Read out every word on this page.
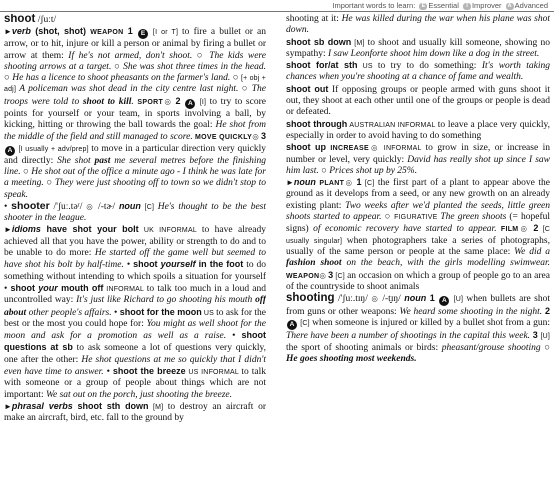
Important words to learn: E Essential I Improver A Advanced
shoot /ʃuːt/
►verb (shot, shot) WEAPON 1 E [I or T] to fire a bullet or an arrow, or to hit, injure or kill a person or animal by firing a bullet or arrow at them: If he's not armed, don't shoot. ○ The kids were shooting arrows at a target. ○ She was shot three times in the head. ○ He has a licence to shoot pheasants on the farmer's land. ○ [+ obj + adj] A policeman was shot dead in the city centre last night. ○ The troops were told to shoot to kill. SPORT◎ 2 A [I] to try to score points for yourself or your team, in sports involving a ball, by kicking, hitting or throwing the ball towards the goal: He shot from the middle of the field and still managed to score. MOVE QUICKLY◎ 3 A [I usually + adv/prep] to move in a particular direction very quickly and directly: She shot past me several metres before the finishing line. ○ He shot out of the office a minute ago - I think he was late for a meeting. ○ They were just shooting off to town so we didn't stop to speak.
• shooter /'ʃuː.təʳ/ ◎ /-tɚ/ noun [C] He's thought to be the best shooter in the league.
►idioms have shot your bolt UK INFORMAL to have already achieved all that you have the power, ability or strength to do and to be unable to do more: He started off the game well but seemed to have shot his bolt by half-time. • shoot yourself in the foot to do something without intending to which spoils a situation for yourself • shoot your mouth off INFORMAL to talk too much in a loud and uncontrolled way: It's just like Richard to go shooting his mouth off about other people's affairs. • shoot for the moon US to ask for the best or the most you could hope for: You might as well shoot for the moon and ask for a promotion as well as a raise. • shoot questions at sb to ask someone a lot of questions very quickly, one after the other: He shot questions at me so quickly that I didn't even have time to answer. • shoot the breeze US INFORMAL to talk with someone or a group of people about things which are not important: We sat out on the porch, just shooting the breeze.
►phrasal verbs shoot sth down [M] to destroy an aircraft or make an aircraft, bird, etc. fall to the ground by
shooting at it: He was killed during the war when his plane was shot down.
shoot sb down [M] to shoot and usually kill someone, showing no sympathy: I saw Leonforte shoot him down like a dog in the street.
shoot for/at sth US to try to do something: It's worth taking chances when you're shooting at a chance of fame and wealth.
shoot out If opposing groups or people armed with guns shoot it out, they shoot at each other until one of the groups or people is dead or defeated.
shoot through AUSTRALIAN INFORMAL to leave a place very quickly, especially in order to avoid having to do something
shoot up INCREASE◎ INFORMAL to grow in size, or increase in number or level, very quickly: David has really shot up since I saw him last. ○ Prices shot up by 25%.
►noun PLANT◎ 1 [C] the first part of a plant to appear above the ground as it develops from a seed, or any new growth on an already existing plant: Two weeks after we'd planted the seeds, little green shoots started to appear. ○ FIGURATIVE The green shoots (= hopeful signs) of economic recovery have started to appear. FILM◎ 2 [C usually singular] when photographers take a series of photographs, usually of the same person or people at the same place: We did a fashion shoot on the beach, with the girls modelling swimwear. WEAPON◎ 3 [C] an occasion on which a group of people go to an area of the countryside to shoot animals
shooting /'ʃuː.tɪŋ/ ◎ /-t̬ɪŋ/ noun 1 A [U] when bullets are shot from guns or other weapons: We heard some shooting in the night. 2 A [C] when someone is injured or killed by a bullet shot from a gun: There have been a number of shootings in the capital this week. 3 [U] the sport of shooting animals or birds: pheasant/grouse shooting ○ He goes shooting most weekends.
